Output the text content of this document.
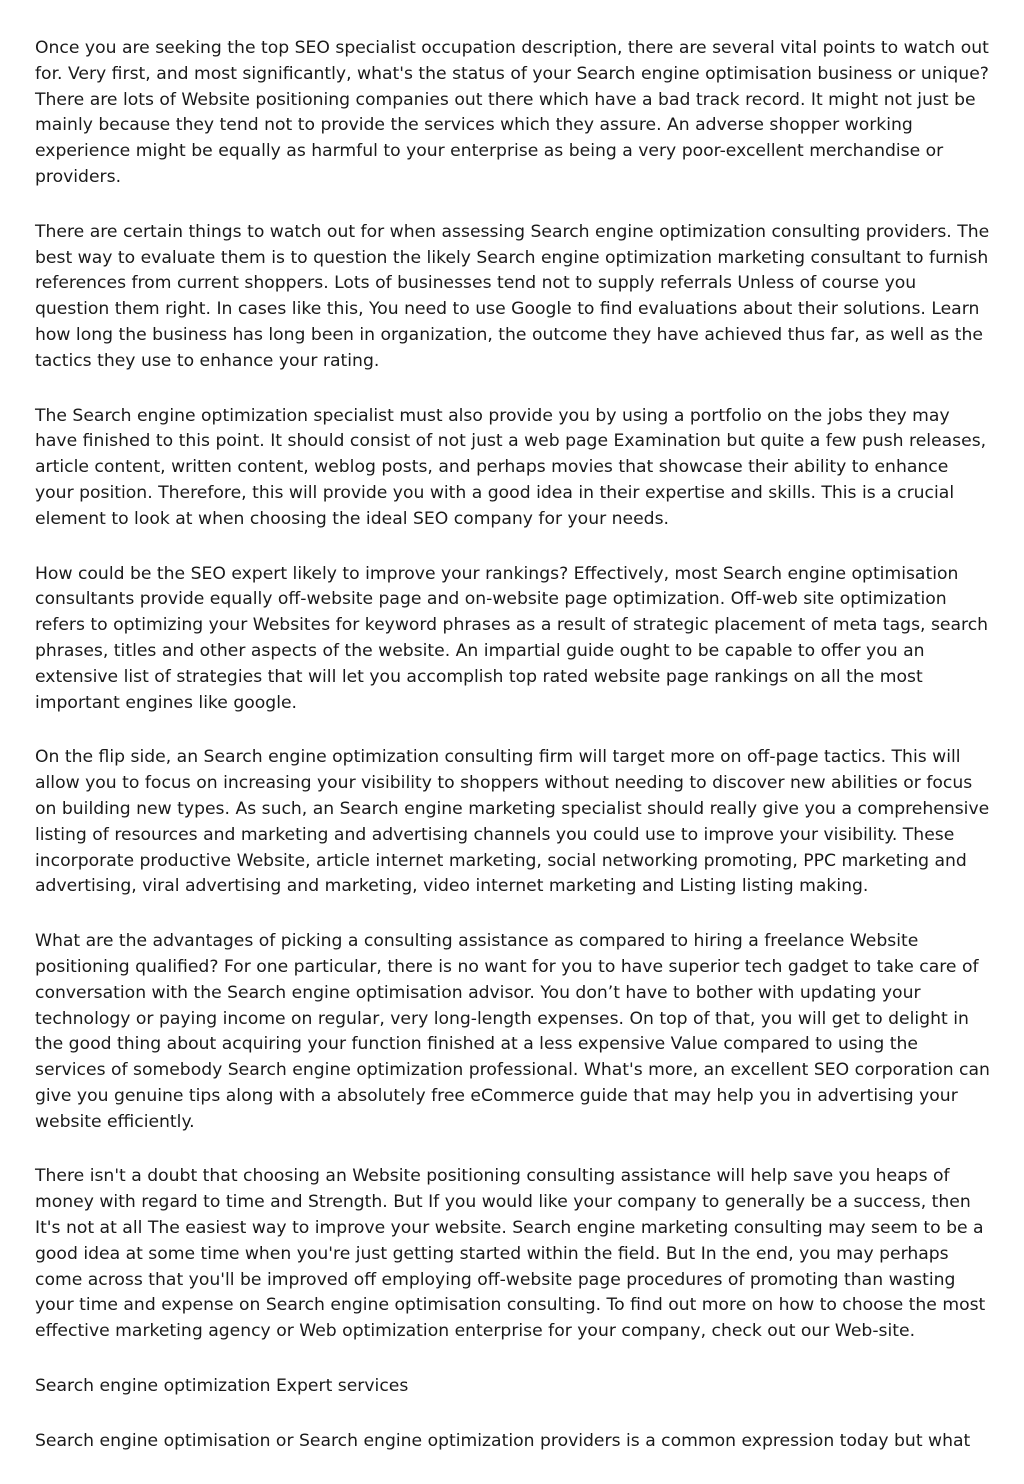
Once you are seeking the top SEO specialist occupation description, there are several vital points to watch out for. Very first, and most significantly, what's the status of your Search engine optimisation business or unique? There are lots of Website positioning companies out there which have a bad track record. It might not just be mainly because they tend not to provide the services which they assure. An adverse shopper working experience might be equally as harmful to your enterprise as being a very poor-excellent merchandise or providers.

There are certain things to watch out for when assessing Search engine optimization consulting providers. The best way to evaluate them is to question the likely Search engine optimization marketing consultant to furnish references from current shoppers. Lots of businesses tend not to supply referrals Unless of course you question them right. In cases like this, You need to use Google to find evaluations about their solutions. Learn how long the business has long been in organization, the outcome they have achieved thus far, as well as the tactics they use to enhance your rating.

The Search engine optimization specialist must also provide you by using a portfolio on the jobs they may have finished to this point. It should consist of not just a web page Examination but quite a few push releases, article content, written content, weblog posts, and perhaps movies that showcase their ability to enhance your position. Therefore, this will provide you with a good idea in their expertise and skills. This is a crucial element to look at when choosing the ideal SEO company for your needs.

How could be the SEO expert likely to improve your rankings? Effectively, most Search engine optimisation consultants provide equally off-website page and on-website page optimization. Off-web site optimization refers to optimizing your Websites for keyword phrases as a result of strategic placement of meta tags, search phrases, titles and other aspects of the website. An impartial guide ought to be capable to offer you an extensive list of strategies that will let you accomplish top rated website page rankings on all the most important engines like google.

On the flip side, an Search engine optimization consulting firm will target more on off-page tactics. This will allow you to focus on increasing your visibility to shoppers without needing to discover new abilities or focus on building new types. As such, an Search engine marketing specialist should really give you a comprehensive listing of resources and marketing and advertising channels you could use to improve your visibility. These incorporate productive Website, article internet marketing, social networking promoting, PPC marketing and advertising, viral advertising and marketing, video internet marketing and Listing listing making.

What are the advantages of picking a consulting assistance as compared to hiring a freelance Website positioning qualified? For one particular, there is no want for you to have superior tech gadget to take care of conversation with the Search engine optimisation advisor. You don’t have to bother with updating your technology or paying income on regular, very long-length expenses. On top of that, you will get to delight in the good thing about acquiring your function finished at a less expensive Value compared to using the services of somebody Search engine optimization professional. What's more, an excellent SEO corporation can give you genuine tips along with a absolutely free eCommerce guide that may help you in advertising your website efficiently.

There isn't a doubt that choosing an Website positioning consulting assistance will help save you heaps of money with regard to time and Strength. But If you would like your company to generally be a success, then It's not at all The easiest way to improve your website. Search engine marketing consulting may seem to be a good idea at some time when you're just getting started within the field. But In the end, you may perhaps come across that you'll be improved off employing off-website page procedures of promoting than wasting your time and expense on Search engine optimisation consulting. To find out more on how to choose the most effective marketing agency or Web optimization enterprise for your company, check out our Web-site.

Search engine optimization Expert services

Search engine optimisation or Search engine optimization providers is a common expression today but what
